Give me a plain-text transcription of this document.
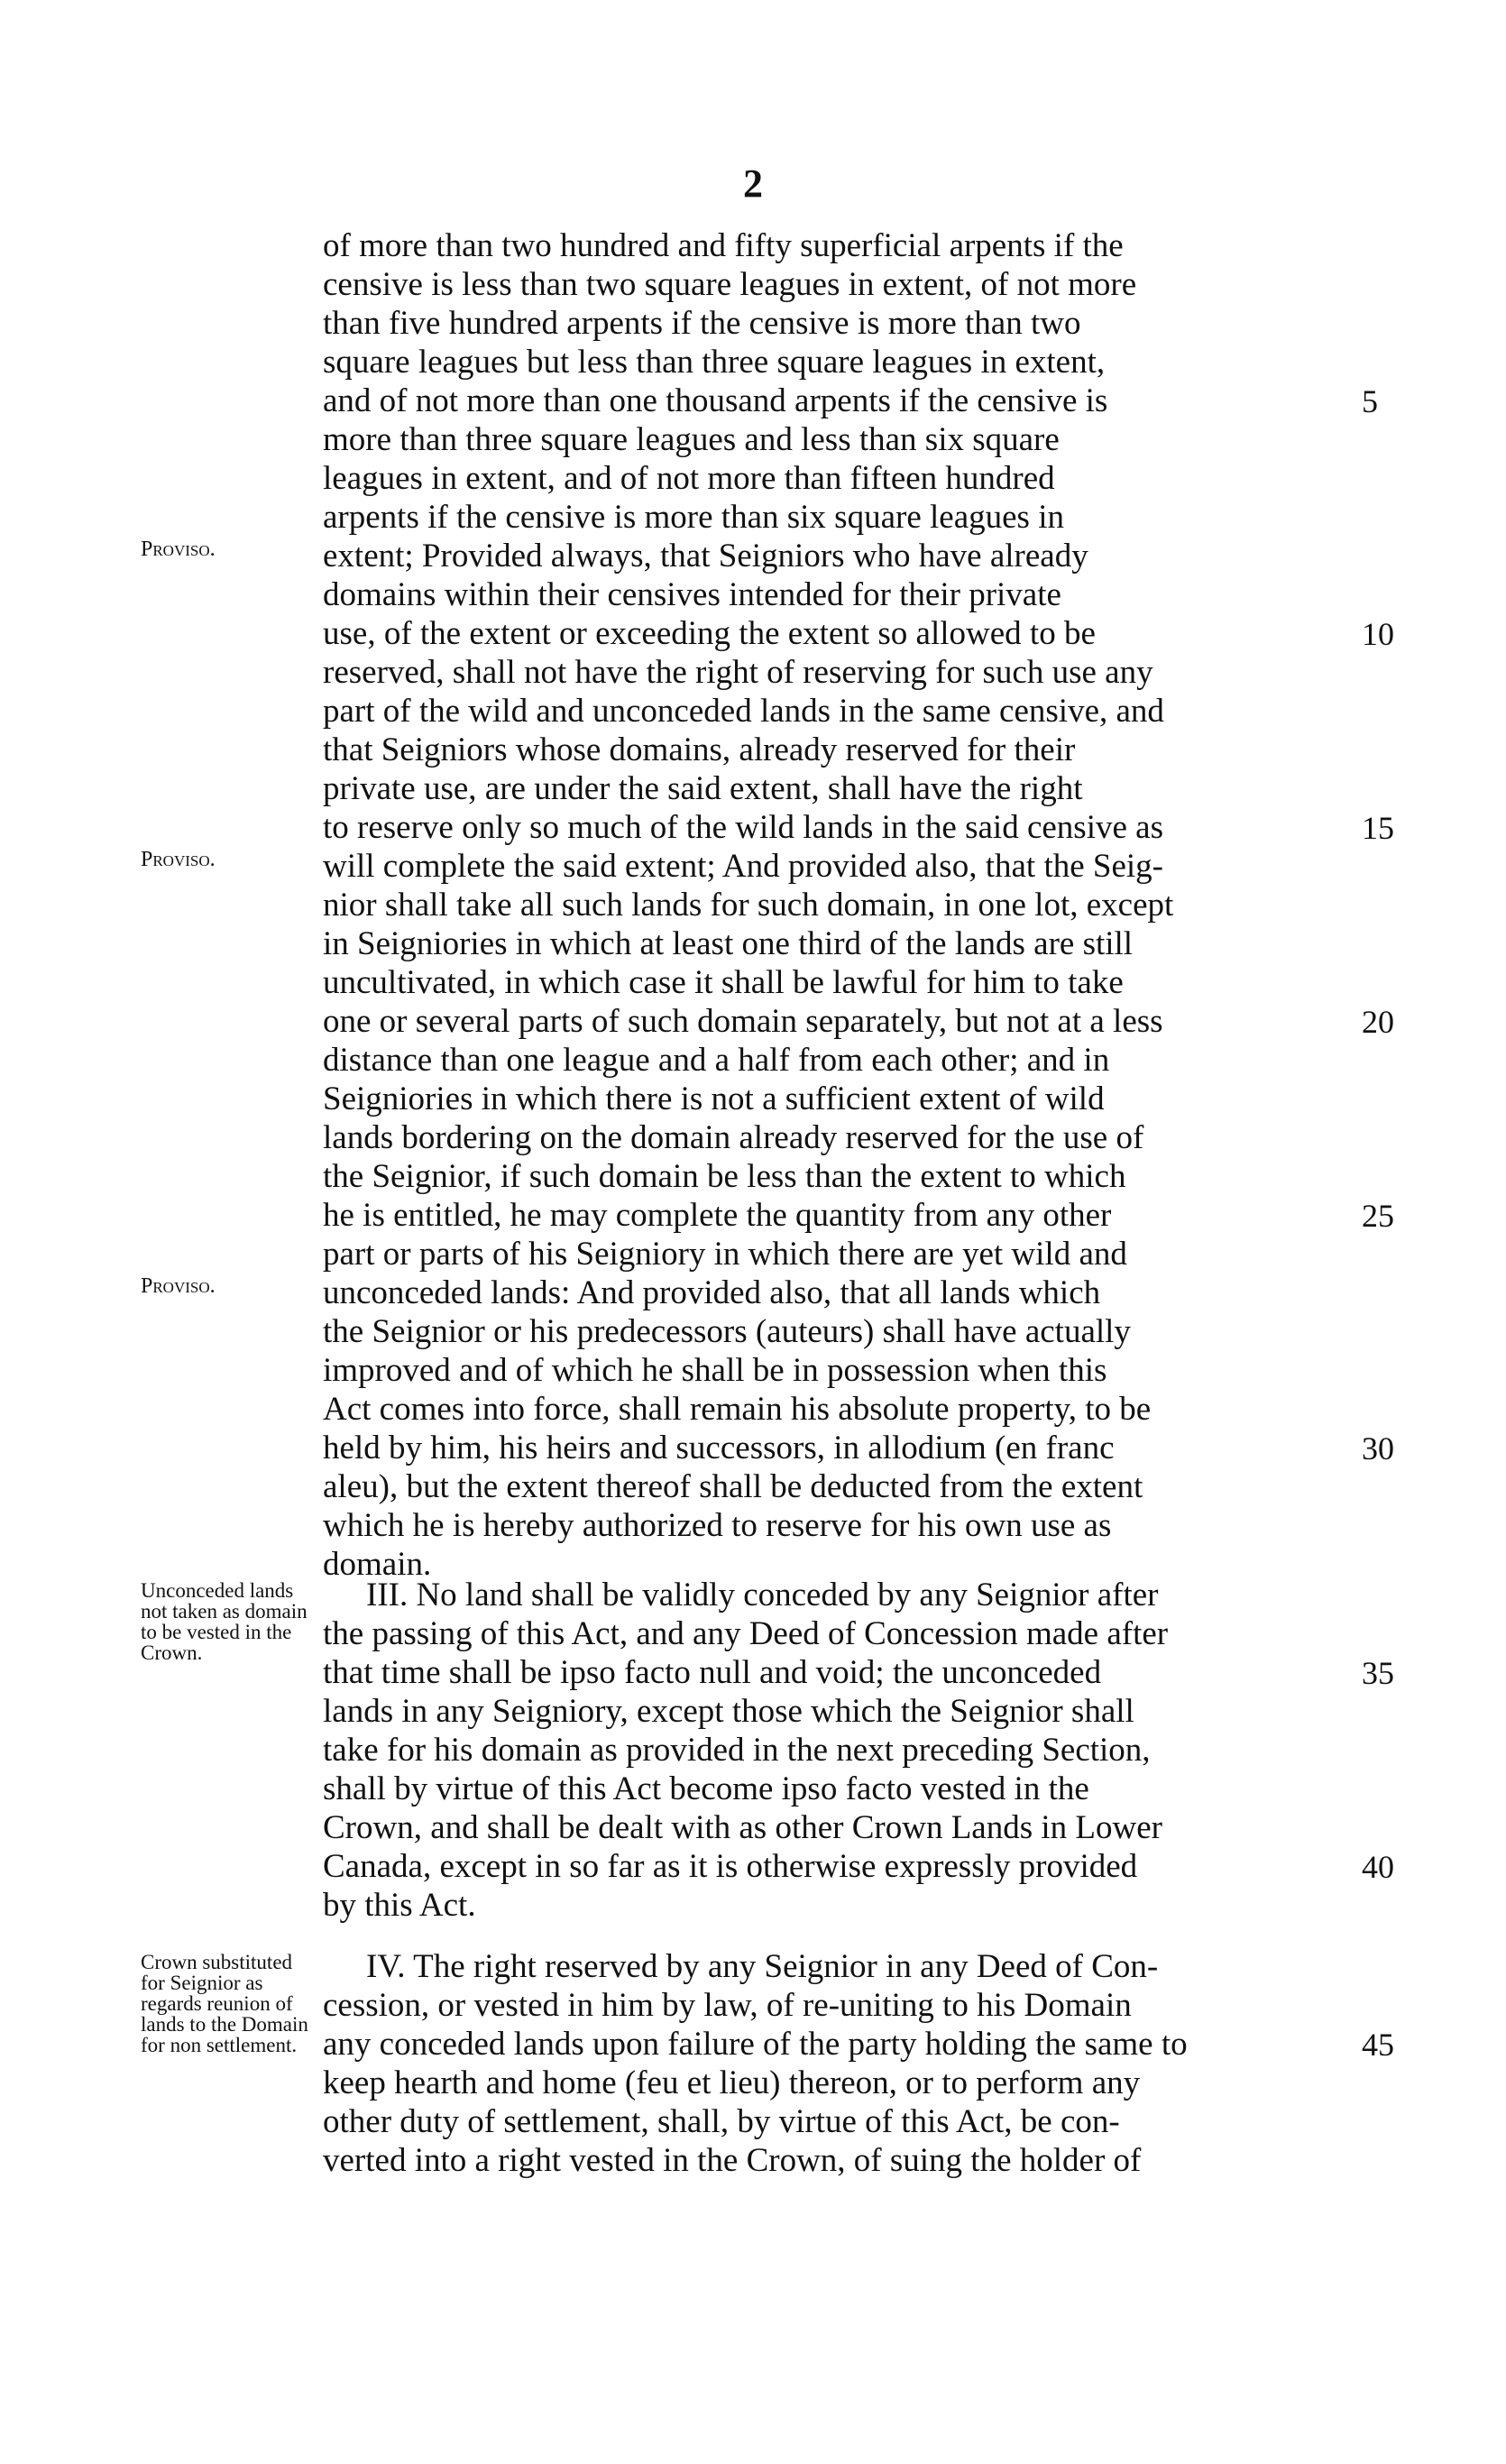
2
of more than two hundred and fifty superficial arpents if the
censive is less than two square leagues in extent, of not more
than five hundred arpents if the censive is more than two
square leagues but less than three square leagues in extent,
and of not more than one thousand arpents if the censive is
more than three square leagues and less than six square
leagues in extent, and of not more than fifteen hundred
arpents if the censive is more than six square leagues in
extent; Provided always, that Seigniors who have already
domains within their censives intended for their private
use, of the extent or exceeding the extent so allowed to be
reserved, shall not have the right of reserving for such use any
part of the wild and unconceded lands in the same censive, and
that Seigniors whose domains, already reserved for their
private use, are under the said extent, shall have the right
to reserve only so much of the wild lands in the said censive as
will complete the said extent; And provided also, that the Seig-
nior shall take all such lands for such domain, in one lot, except
in Seigniories in which at least one third of the lands are still
uncultivated, in which case it shall be lawful for him to take
one or several parts of such domain separately, but not at a less
distance than one league and a half from each other; and in
Seigniories in which there is not a sufficient extent of wild
lands bordering on the domain already reserved for the use of
the Seignior, if such domain be less than the extent to which
he is entitled, he may complete the quantity from any other
part or parts of his Seigniory in which there are yet wild and
unconceded lands: And provided also, that all lands which
the Seignior or his predecessors (auteurs) shall have actually
improved and of which he shall be in possession when this
Act comes into force, shall remain his absolute property, to be
held by him, his heirs and successors, in allodium (en franc
aleu), but the extent thereof shall be deducted from the extent
which he is hereby authorized to reserve for his own use as
domain.
III. No land shall be validly conceded by any Seignior after
the passing of this Act, and any Deed of Concession made after
that time shall be ipso facto null and void; the unconceded
lands in any Seigniory, except those which the Seignior shall
take for his domain as provided in the next preceding Section,
shall by virtue of this Act become ipso facto vested in the
Crown, and shall be dealt with as other Crown Lands in Lower
Canada, except in so far as it is otherwise expressly provided
by this Act.
IV. The right reserved by any Seignior in any Deed of Con-
cession, or vested in him by law, of re-uniting to his Domain
any conceded lands upon failure of the party holding the same to
keep hearth and home (feu et lieu) thereon, or to perform any
other duty of settlement, shall, by virtue of this Act, be con-
verted into a right vested in the Crown, of suing the holder of
5
10
15
20
25
30
35
40
45
Proviso.
Proviso.
Proviso.
Unconceded lands not taken as domain to be vested in the Crown.
Crown substituted for Seignior as regards reunion of lands to the Domain for non settlement.
